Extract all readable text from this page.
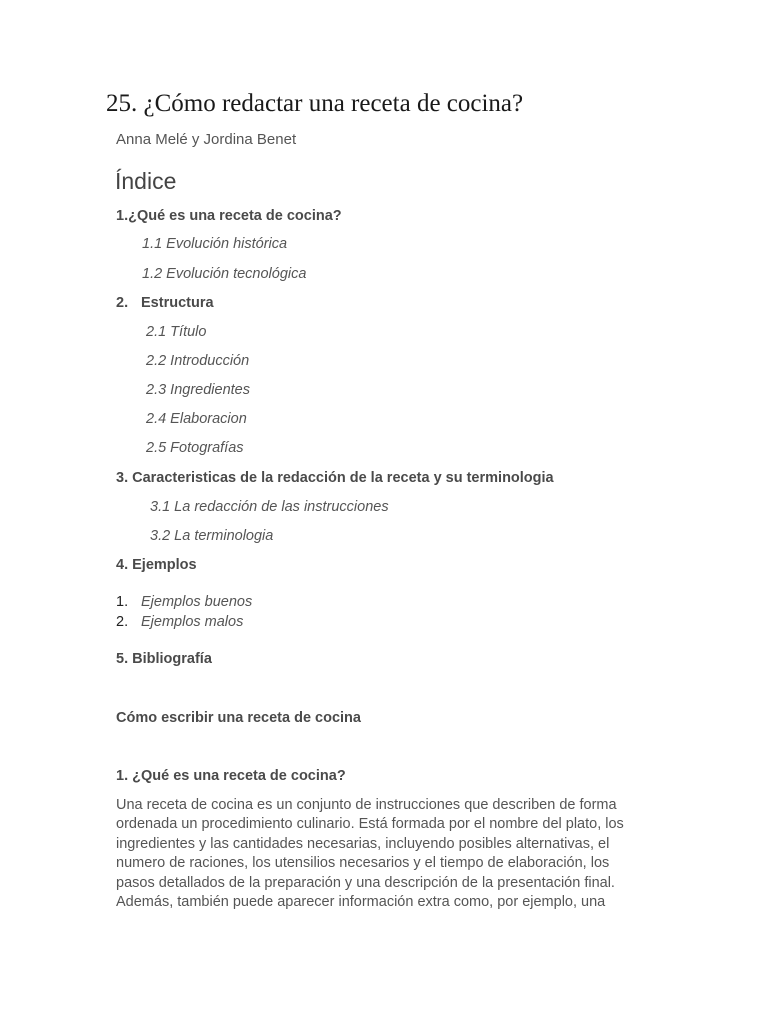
25. ¿Cómo redactar una receta de cocina?
Anna Melé y Jordina Benet
Índice
1.¿Qué es una receta de cocina?
1.1 Evolución histórica
1.2 Evolución tecnológica
2. Estructura
2.1 Título
2.2 Introducción
2.3 Ingredientes
2.4 Elaboracion
2.5 Fotografías
3. Caracteristicas de la redacción de la receta y su terminologia
3.1 La redacción de las instrucciones
3.2 La terminologia
4. Ejemplos
1. Ejemplos buenos
2. Ejemplos malos
5. Bibliografía
Cómo escribir una receta de cocina
1. ¿Qué es una receta de cocina?
Una receta de cocina es un conjunto de instrucciones que describen de forma
ordenada un procedimiento culinario. Está formada por el nombre del plato, los
ingredientes y las cantidades necesarias, incluyendo posibles alternativas, el
numero de raciones, los utensilios necesarios y el tiempo de elaboración, los
pasos detallados de la preparación y una descripción de la presentación final.
Además, también puede aparecer información extra como, por ejemplo, una
